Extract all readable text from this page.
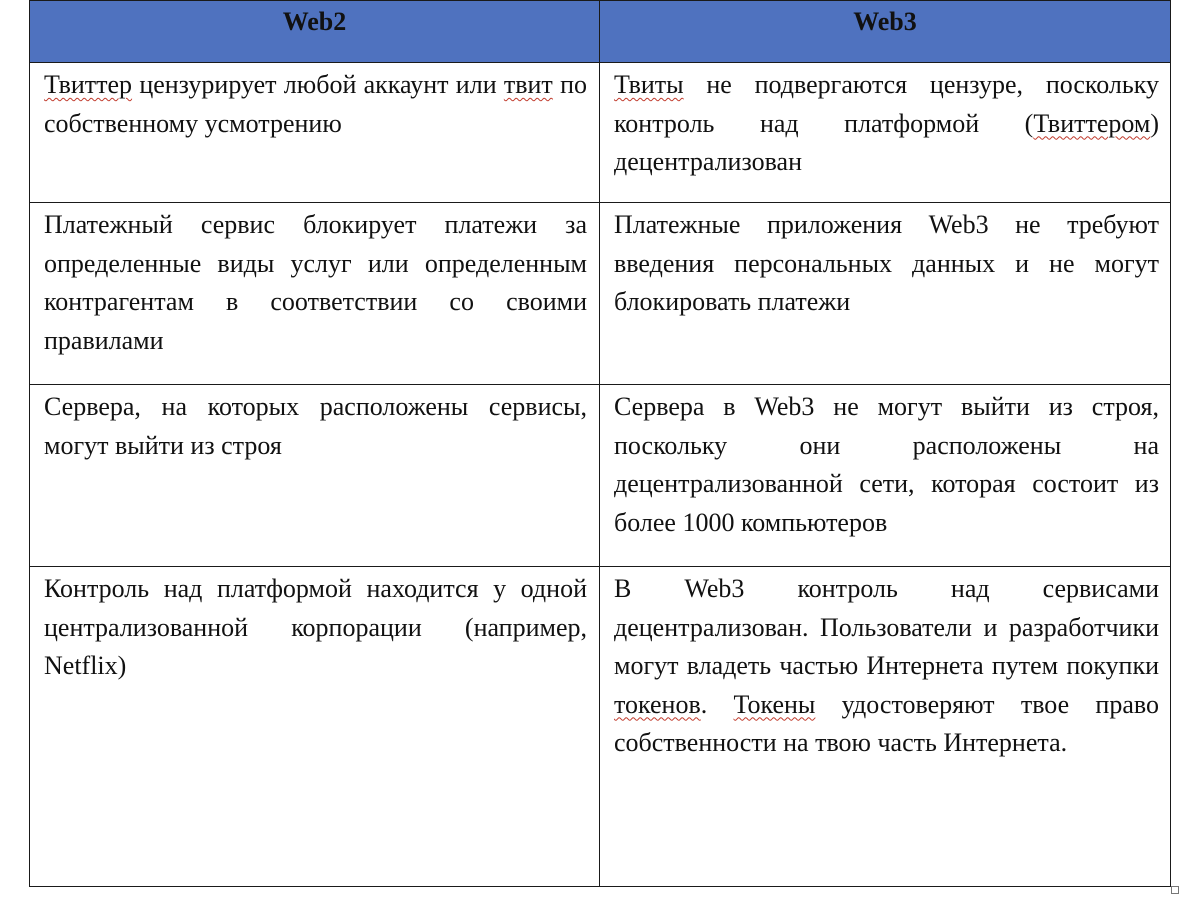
Web2	Web3
Твиттер цензурирует любой аккаунт или твит по собственному усмотрению	Твиты не подвергаются цензуре, поскольку контроль над платформой (Твиттером) децентрализован
Платежный сервис блокирует платежи за определенные виды услуг или определенным контрагентам в соответствии со своими правилами	Платежные приложения Web3 не требуют введения персональных данных и не могут блокировать платежи
Сервера, на которых расположены сервисы, могут выйти из строя	Сервера в Web3 не могут выйти из строя, поскольку они расположены на децентрализованной сети, которая состоит из более 1000 компьютеров
Контроль над платформой находится у одной централизованной корпорации (например, Netflix)	В Web3 контроль над сервисами децентрализован. Пользователи и разработчики могут владеть частью Интернета путем покупки токенов. Токены удостоверяют твое право собственности на твою часть Интернета.
